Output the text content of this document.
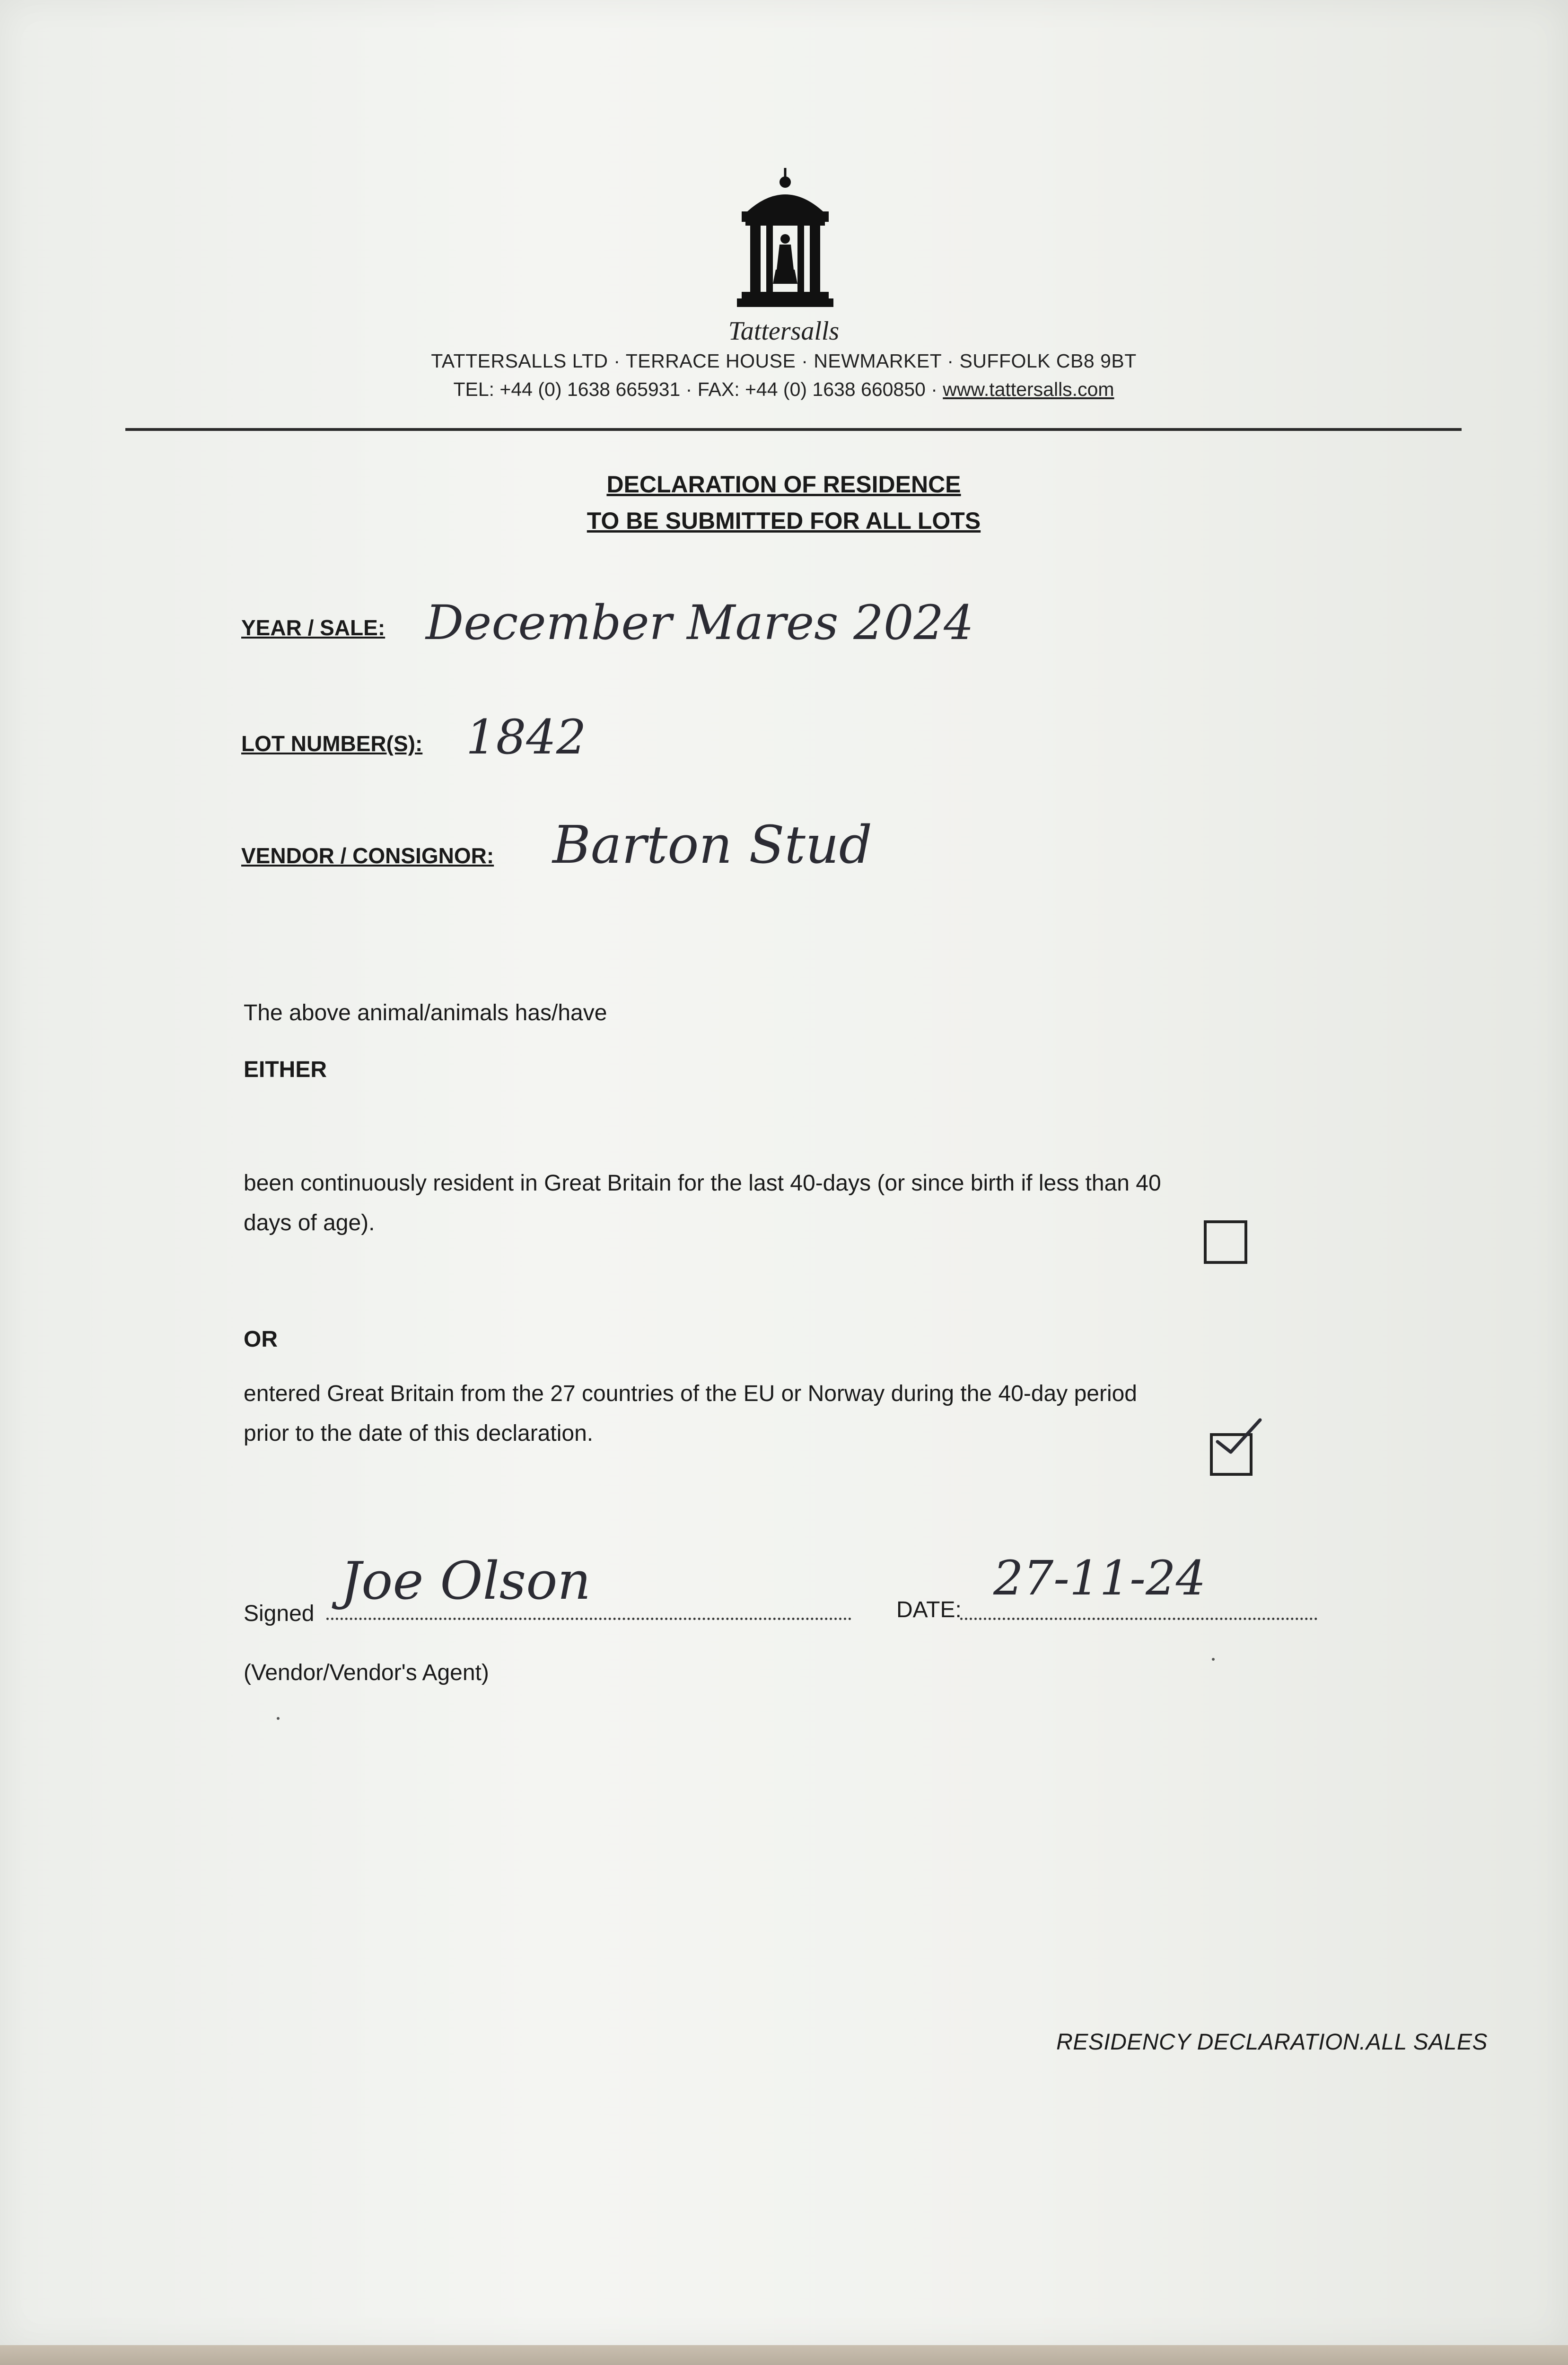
Tattersalls
TATTERSALLS LTD · TERRACE HOUSE · NEWMARKET · SUFFOLK CB8 9BT
TEL: +44 (0) 1638 665931 · FAX: +44 (0) 1638 660850 · www.tattersalls.com
DECLARATION OF RESIDENCE
TO BE SUBMITTED FOR ALL LOTS
YEAR / SALE: December Mares 2024
LOT NUMBER(S): 1842
VENDOR / CONSIGNOR: Barton Stud
The above animal/animals has/have
EITHER
been continuously resident in Great Britain for the last 40-days (or since birth if less than 40
days of age).
OR
entered Great Britain from the 27 countries of the EU or Norway during the 40-day period
prior to the date of this declaration.
Signed
Joe Olson	DATE:
27-11-24
(Vendor/Vendor's Agent)
RESIDENCY DECLARATION.ALL SALES
